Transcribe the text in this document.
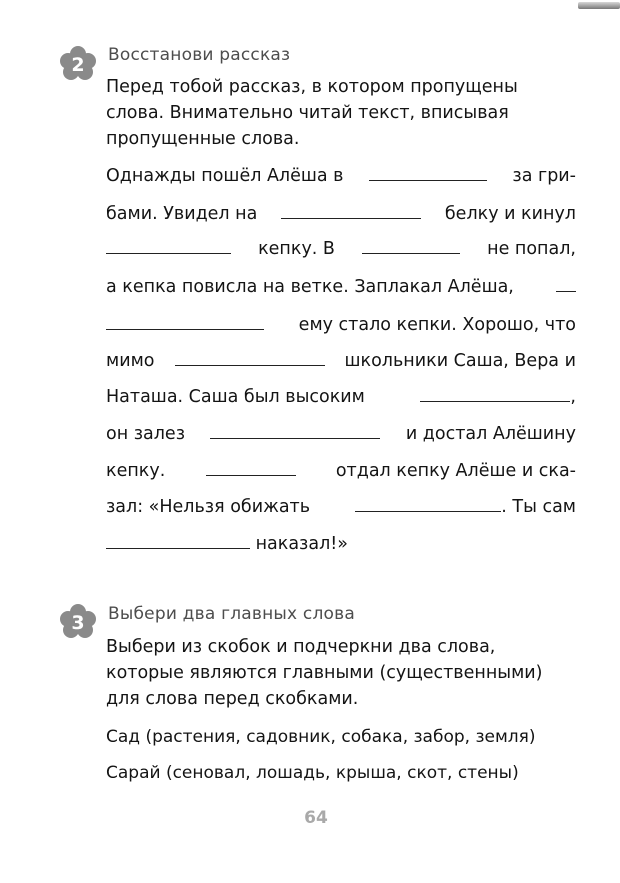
2 Восстанови рассказ
Перед тобой рассказ, в котором пропущены слова. Внимательно читай текст, вписывая пропущенные слова.
Однажды пошёл Алёша в	за гри-
бами. Увидел на	белку и кинул
кепку. В	не попал,
а кепка повисла на ветке. Заплакал Алёша,
ему стало кепки. Хорошо, что
мимо	школьники Саша, Вера и
Наташа. Саша был высоким	,
он залез	и достал Алёшину
кепку.	отдал кепку Алёше и ска-
зал: «Нельзя обижать	. Ты сам
наказал!»
3 Выбери два главных слова
Выбери из скобок и подчеркни два слова, которые являются главными (существенными) для слова перед скобками.
Сад (растения, садовник, собака, забор, земля)
Сарай (сеновал, лошадь, крыша, скот, стены)
64
